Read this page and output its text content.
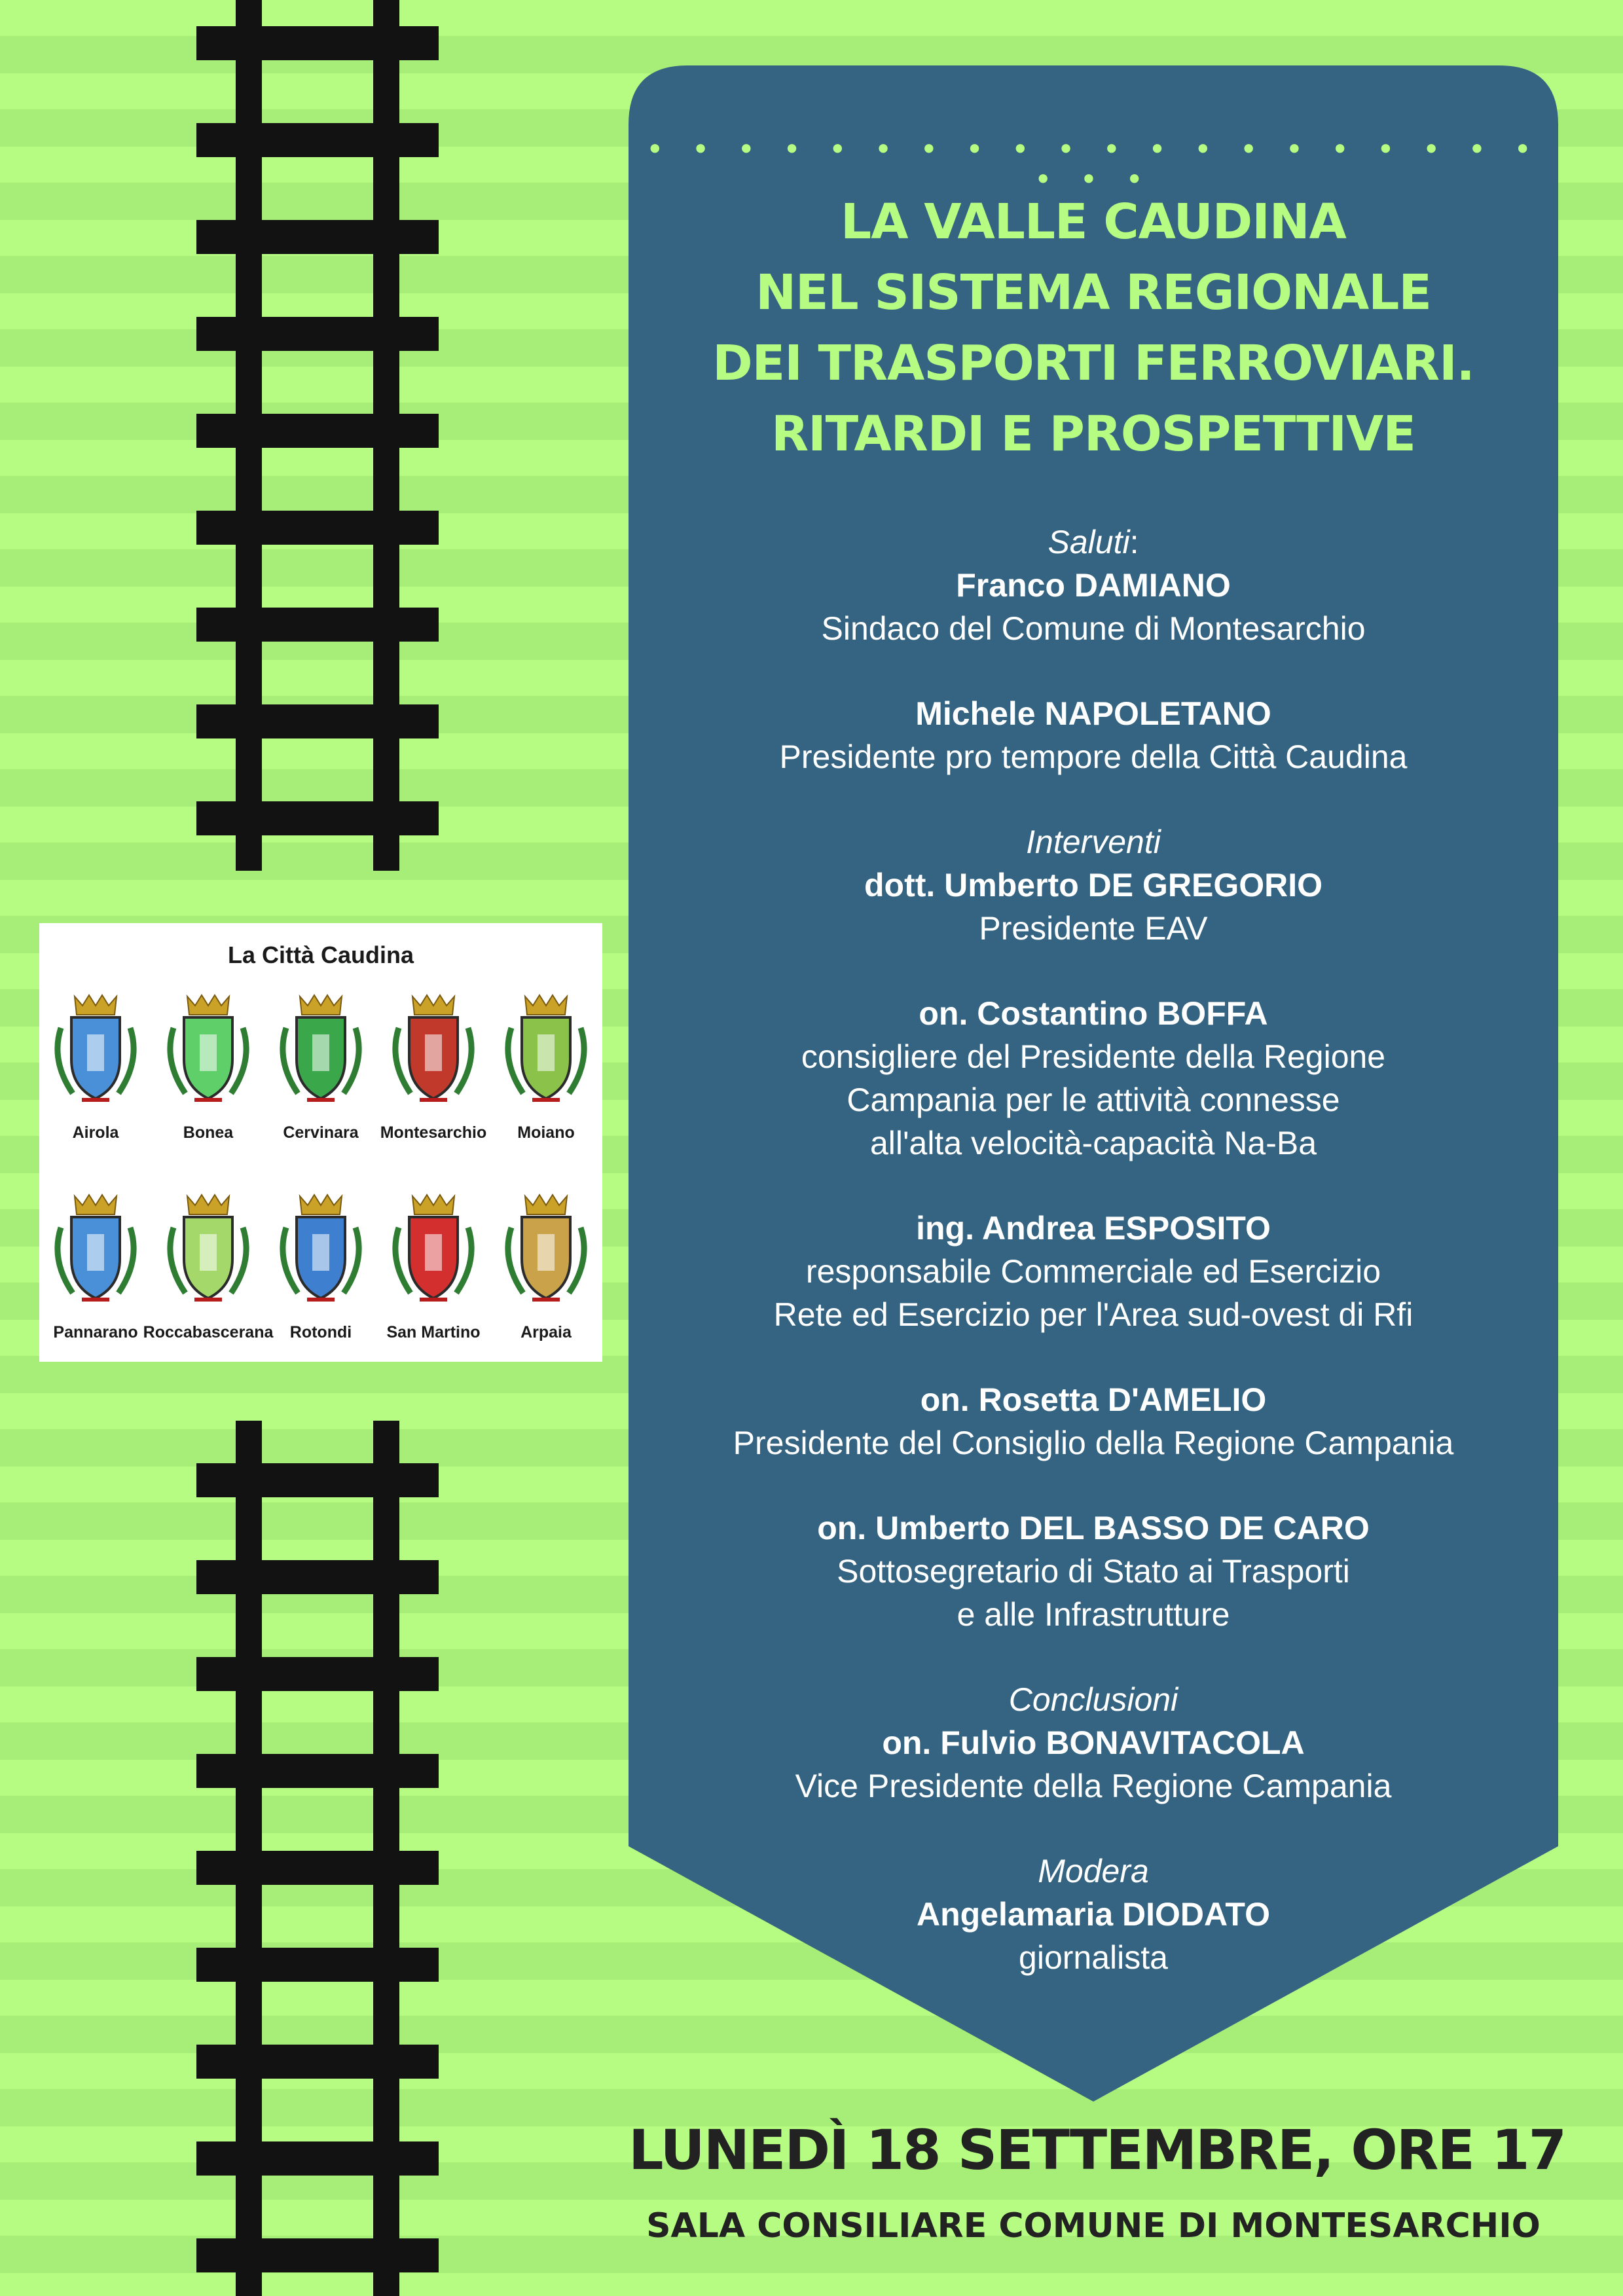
La Città Caudina
Airola	Bonea	Cervinara Montesarchio Moiano
Pannarano Roccabascerana Rotondi San Martino Arpaia
• • • • • • • • • • • • • • • • • • • • • • •
LA VALLE CAUDINA
NEL SISTEMA REGIONALE
DEI TRASPORTI FERROVIARI.
RITARDI E PROSPETTIVE
Saluti:
Franco DAMIANO
Sindaco del Comune di Montesarchio
Michele NAPOLETANO
Presidente pro tempore della Città Caudina
Interventi
dott. Umberto DE GREGORIO
Presidente EAV
on. Costantino BOFFA
consigliere del Presidente della Regione
Campania per le attività connesse
all'alta velocità-capacità Na-Ba
ing. Andrea ESPOSITO
responsabile Commerciale ed Esercizio
Rete ed Esercizio per l'Area sud-ovest di Rfi
on. Rosetta D'AMELIO
Presidente del Consiglio della Regione Campania
on. Umberto DEL BASSO DE CARO
Sottosegretario di Stato ai Trasporti
e alle Infrastrutture
Conclusioni
on. Fulvio BONAVITACOLA
Vice Presidente della Regione Campania
Modera
Angelamaria DIODATO
giornalista
LUNEDÌ 18 SETTEMBRE, ORE 17
SALA CONSILIARE COMUNE DI MONTESARCHIO
